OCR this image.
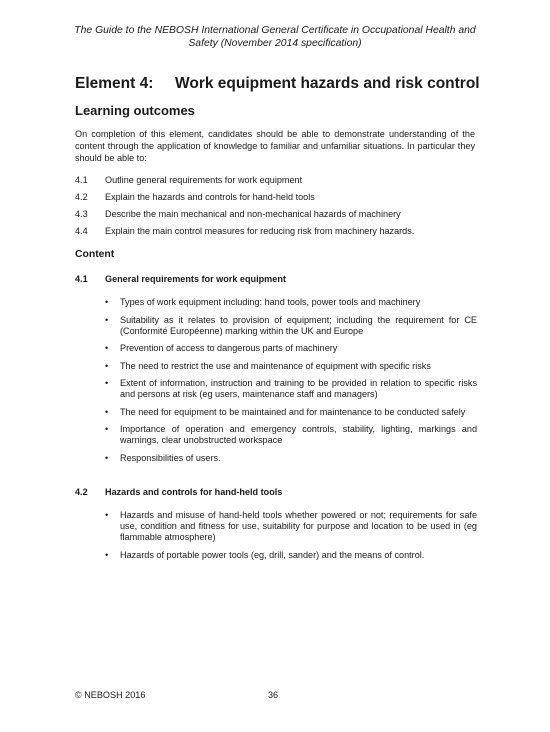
The Guide to the NEBOSH International General Certificate in Occupational Health and Safety (November 2014 specification)
Element 4: Work equipment hazards and risk control
Learning outcomes
On completion of this element, candidates should be able to demonstrate understanding of the content through the application of knowledge to familiar and unfamiliar situations. In particular they should be able to:
4.1	Outline general requirements for work equipment
4.2	Explain the hazards and controls for hand-held tools
4.3	Describe the main mechanical and non-mechanical hazards of machinery
4.4	Explain the main control measures for reducing risk from machinery hazards.
Content
4.1	General requirements for work equipment
• Types of work equipment including: hand tools, power tools and machinery
• Suitability as it relates to provision of equipment; including the requirement for CE (Conformité Européenne) marking within the UK and Europe
• Prevention of access to dangerous parts of machinery
• The need to restrict the use and maintenance of equipment with specific risks
• Extent of information, instruction and training to be provided in relation to specific risks and persons at risk (eg users, maintenance staff and managers)
• The need for equipment to be maintained and for maintenance to be conducted safely
• Importance of operation and emergency controls, stability, lighting, markings and warnings, clear unobstructed workspace
• Responsibilities of users.
4.2	Hazards and controls for hand-held tools
• Hazards and misuse of hand-held tools whether powered or not; requirements for safe use, condition and fitness for use, suitability for purpose and location to be used in (eg flammable atmosphere)
• Hazards of portable power tools (eg, drill, sander) and the means of control.
© NEBOSH 2016	36
